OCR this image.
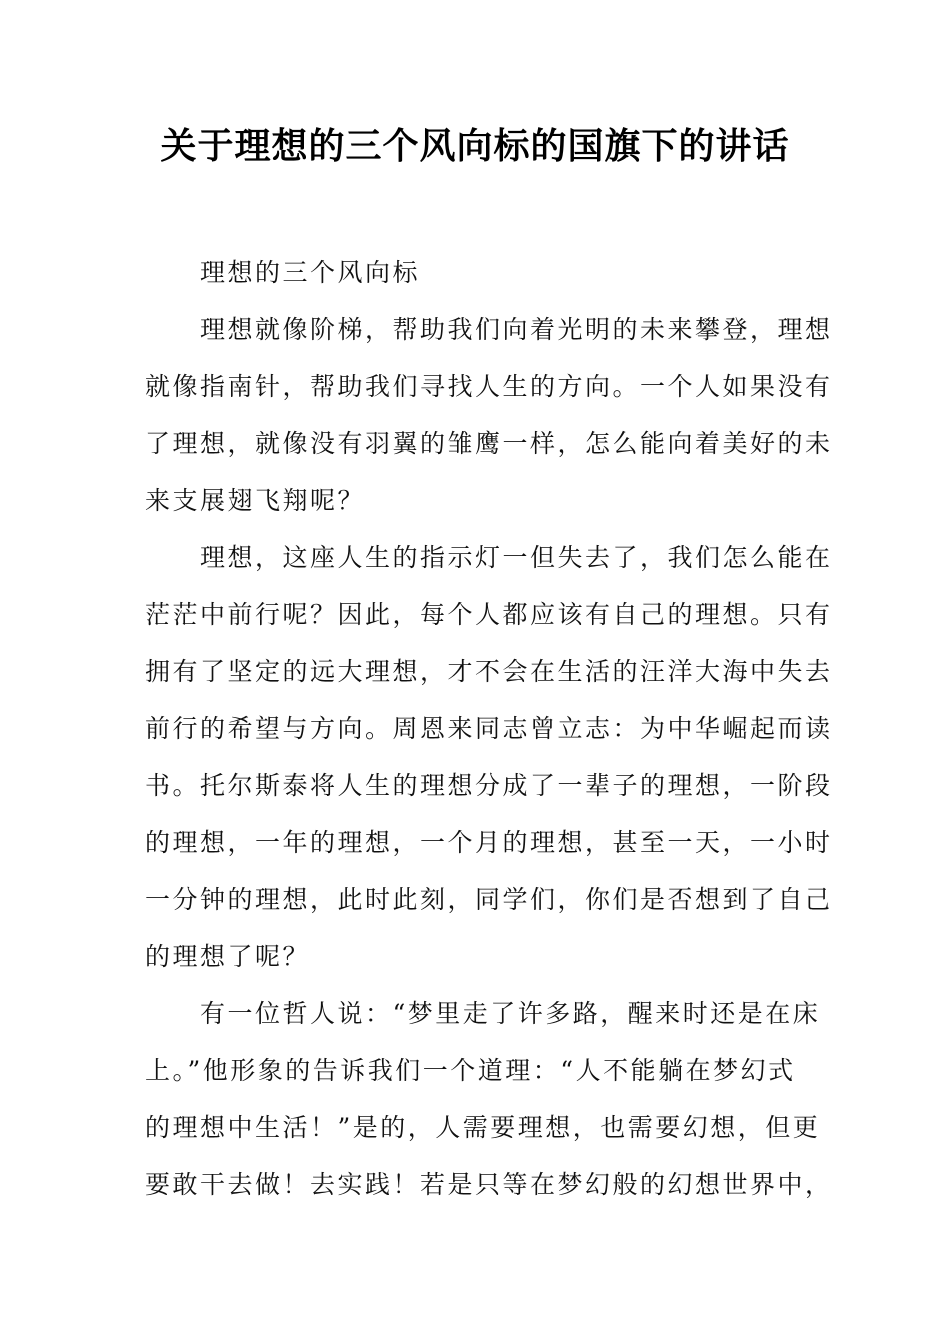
关于理想的三个风向标的国旗下的讲话
理想的三个风向标
理想就像阶梯，帮助我们向着光明的未来攀登，理想
就像指南针，帮助我们寻找人生的方向。一个人如果没有
了理想，就像没有羽翼的雏鹰一样，怎么能向着美好的未
来支展翅飞翔呢？
理想，这座人生的指示灯一但失去了，我们怎么能在
茫茫中前行呢？因此，每个人都应该有自己的理想。只有
拥有了坚定的远大理想，才不会在生活的汪洋大海中失去
前行的希望与方向。周恩来同志曾立志：为中华崛起而读
书。托尔斯泰将人生的理想分成了一辈子的理想，一阶段
的理想，一年的理想，一个月的理想，甚至一天，一小时
一分钟的理想，此时此刻，同学们，你们是否想到了自己
的理想了呢？
有一位哲人说：“梦里走了许多路，醒来时还是在床
上。”他形象的告诉我们一个道理：“人不能躺在梦幻式
的理想中生活！”是的，人需要理想，也需要幻想，但更
要敢干去做！去实践！若是只等在梦幻般的幻想世界中，
